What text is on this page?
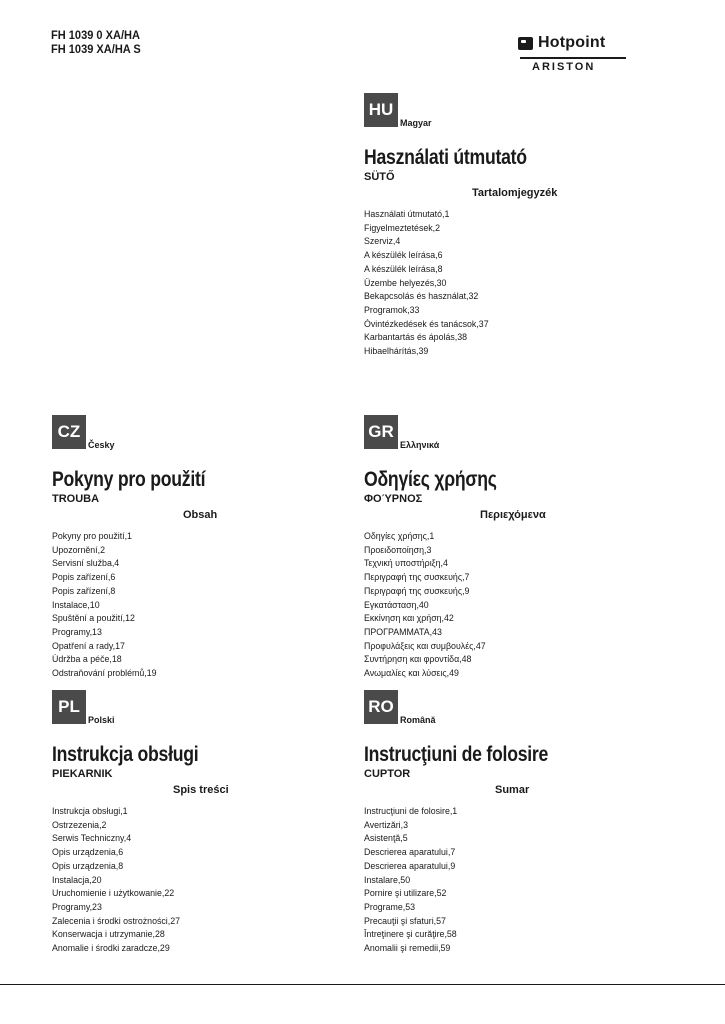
FH 1039 0 XA/HA
FH 1039 XA/HA S	Hotpoint
ARISTON
HU
Magyar
Használati útmutató
SÜTŐ
Tartalomjegyzék
Használati útmutató,1
Figyelmeztetések,2
Szerviz,4
A készülék leírása,6
A készülék leírása,8
Üzembe helyezés,30
Bekapcsolás és használat,32
Programok,33
Óvintézkedések és tanácsok,37
Karbantartás és ápolás,38
Hibaelhárítás,39
CZ
Česky
Pokyny pro použití
TROUBA
Obsah
Pokyny pro použití,1
Upozornění,2
Servisní služba,4
Popis zařízení,6
Popis zařízení,8
Instalace,10
Spuštění a použití,12
Programy,13
Opatření a rady,17
Údržba a péče,18
Odstraňování problémů,19
GR
Ελληνικά
Οδηγίες χρήσης
ΦΟΎΡΝΟΣ
Περιεχόμενα
Οδηγίες χρήσης,1
Προειδοποίηση,3
Τεχνική υποστήριξη,4
Περιγραφή της συσκευής,7
Περιγραφή της συσκευής,9
Εγκατάσταση,40
Εκκίνηση και χρήση,42
ΠΡΟΓΡΑΜΜΑΤΑ,43
Προφυλάξεις και συμβουλές,47
Συντήρηση και φροντίδα,48
Ανωμαλίες και λύσεις,49
PL
Polski
Instrukcja obsługi
PIEKARNIK
Spis treści
Instrukcja obsługi,1
Ostrzezenia,2
Serwis Techniczny,4
Opis urządzenia,6
Opis urządzenia,8
Instalacja,20
Uruchomienie i użytkowanie,22
Programy,23
Zalecenia i środki ostrożności,27
Konserwacja i utrzymanie,28
Anomalie i środki zaradcze,29
RO
Română
Instrucţiuni de folosire
CUPTOR
Sumar
Instrucţiuni de folosire,1
Avertizări,3
Asistenţă,5
Descrierea aparatului,7
Descrierea aparatului,9
Instalare,50
Pornire şi utilizare,52
Programe,53
Precauţii şi sfaturi,57
Întreţinere şi curăţire,58
Anomalii şi remedii,59
